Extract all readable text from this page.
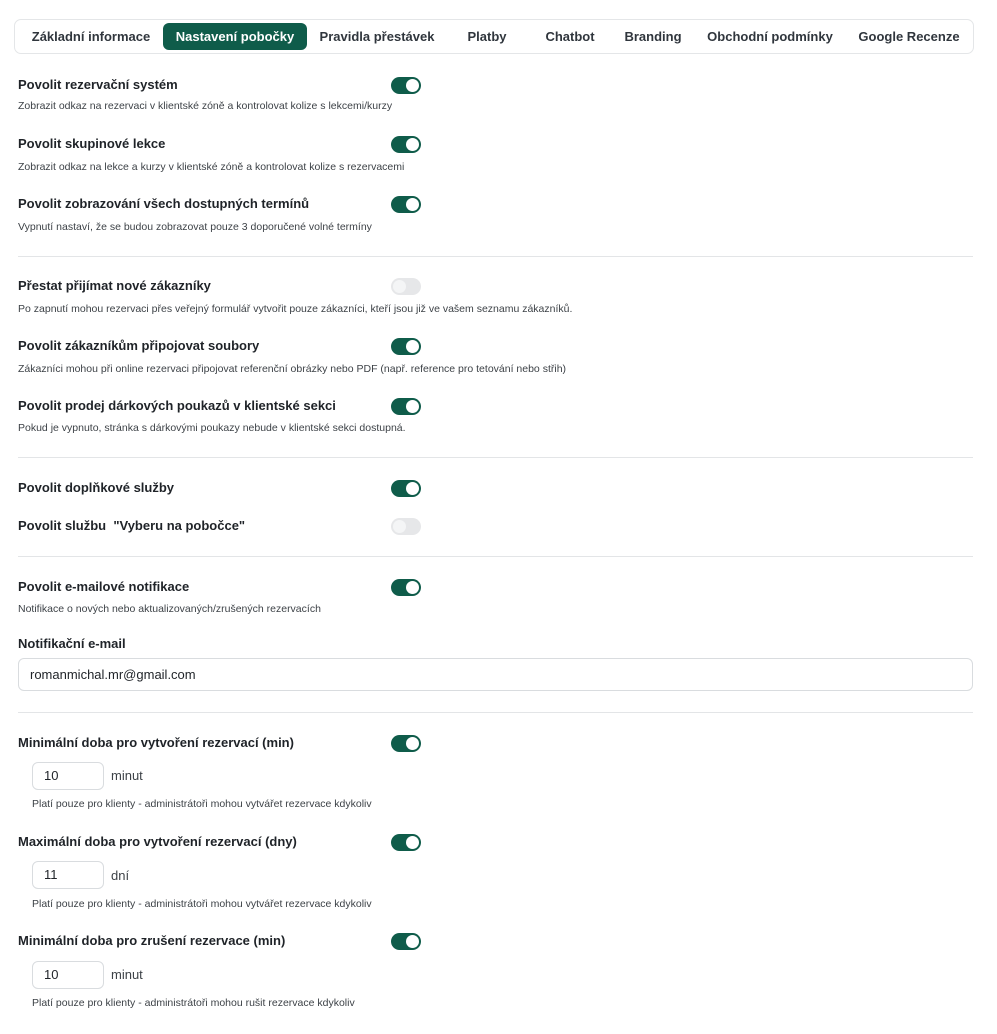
Základní informace	Nastavení pobočky	Pravidla přestávek	Platby	Chatbot	Branding	Obchodní podmínky	Google Recenze
Povolit rezervační systém
Zobrazit odkaz na rezervaci v klientské zóně a kontrolovat kolize s lekcemi/kurzy
Povolit skupinové lekce
Zobrazit odkaz na lekce a kurzy v klientské zóně a kontrolovat kolize s rezervacemi
Povolit zobrazování všech dostupných termínů
Vypnutí nastaví, že se budou zobrazovat pouze 3 doporučené volné termíny
Přestat přijímat nové zákazníky
Po zapnutí mohou rezervaci přes veřejný formulář vytvořit pouze zákazníci, kteří jsou již ve vašem seznamu zákazníků.
Povolit zákazníkům připojovat soubory
Zákazníci mohou při online rezervaci připojovat referenční obrázky nebo PDF (např. reference pro tetování nebo střih)
Povolit prodej dárkových poukazů v klientské sekci
Pokud je vypnuto, stránka s dárkovými poukazy nebude v klientské sekci dostupná.
Povolit doplňkové služby
Povolit službu  "Vyberu na pobočce"
Povolit e-mailové notifikace
Notifikace o nových nebo aktualizovaných/zrušených rezervacích
Notifikační e-mail
romanmichal.mr@gmail.com
Minimální doba pro vytvoření rezervací (min)
10	minut
Platí pouze pro klienty - administrátoři mohou vytvářet rezervace kdykoliv
Maximální doba pro vytvoření rezervací (dny)
11	dní
Platí pouze pro klienty - administrátoři mohou vytvářet rezervace kdykoliv
Minimální doba pro zrušení rezervace (min)
10	minut
Platí pouze pro klienty - administrátoři mohou rušit rezervace kdykoliv
